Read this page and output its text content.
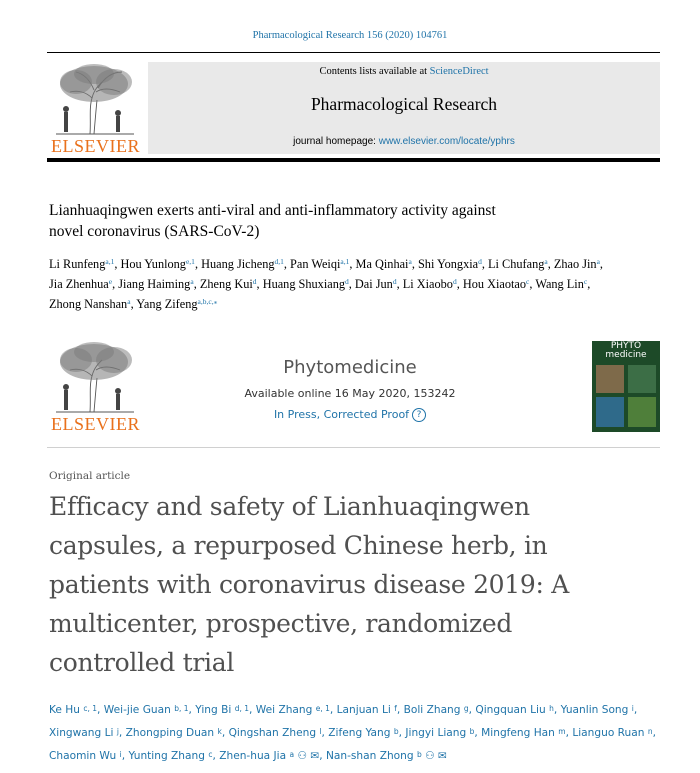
Pharmacological Research 156 (2020) 104761
ELSEVIER
Contents lists available at ScienceDirect
Pharmacological Research
journal homepage: www.elsevier.com/locate/yphrs
Lianhuaqingwen exerts anti-viral and anti-inflammatory activity against
novel coronavirus (SARS-CoV-2)
Li Runfeng$^{a,1}$, Hou Yunlong$^{e,1}$, Huang Jicheng$^{d,1}$, Pan Weiqi$^{a,1}$, Ma Qinhai$^a$, Shi Yongxia$^d$, Li Chufang$^a$, Zhao Jin$^a$, Jia Zhenhua$^e$, Jiang Haiming$^a$, Zheng Kui$^d$, Huang Shuxiang$^d$, Dai Jun$^d$, Li Xiaobo$^d$, Hou Xiaotao$^c$, Wang Lin$^c$, Zhong Nanshan$^a$, Yang Zifeng$^{a,b,c,⁎}$
ELSEVIER
Phytomedicine
Available online 16 May 2020, 153242
In Press, Corrected Proof ?
PHYTO medicine
Original article
Efficacy and safety of Lianhuaqingwen
capsules, a repurposed Chinese herb, in
patients with coronavirus disease 2019: A
multicenter, prospective, randomized
controlled trial
Ke Hu $^{c, 1}$, Wei-jie Guan $^{b, 1}$, Ying Bi $^{d, 1}$, Wei Zhang $^{e, 1}$, Lanjuan Li $^f$, Boli Zhang $^g$, Qingquan Liu $^h$, Yuanlin Song $^i$, Xingwang Li $^j$, Zhongping Duan $^k$, Qingshan Zheng $^l$, Zifeng Yang $^b$, Jingyi Liang $^b$, Mingfeng Han $^m$, Lianguo Ruan $^n$, Chaomin Wu $^i$, Yunting Zhang $^c$, Zhen-hua Jia $^a$ ⚇ ✉, Nan-shan Zhong $^b$ ⚇ ✉
